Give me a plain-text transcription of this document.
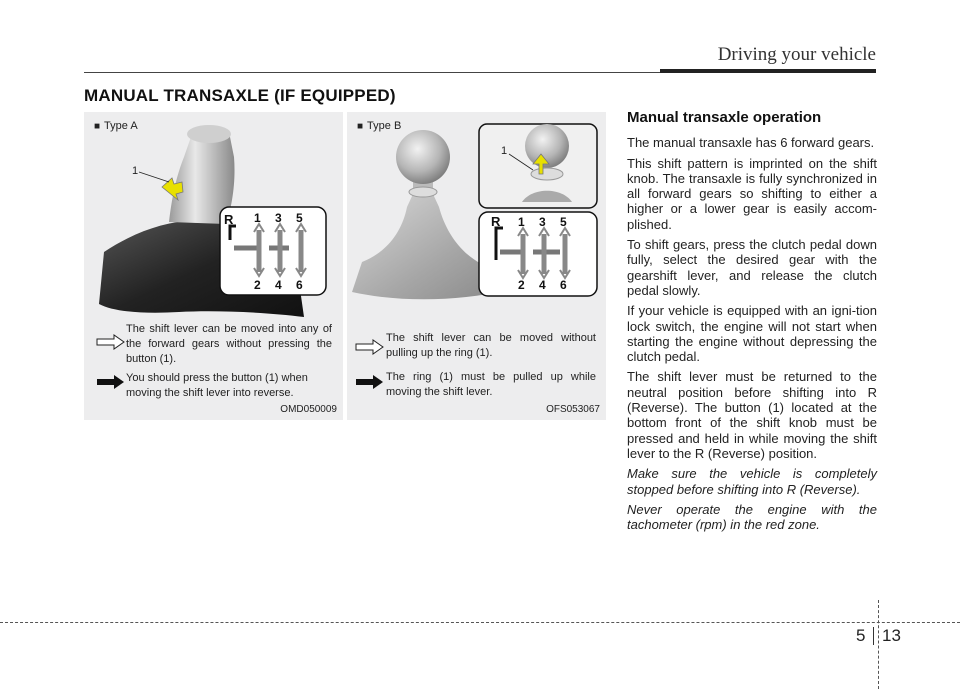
Driving your vehicle
MANUAL TRANSAXLE (IF EQUIPPED)
■ Type A
1
R 1 3 5
2 4 6
The shift lever can be moved into any of the forward gears without pressing the button (1).
You should press the button (1) when moving the shift lever into reverse.
OMD050009
■ Type B
1
R 1 3 5
2 4 6
The shift lever can be moved without pulling up the ring (1).
The ring (1) must be pulled up while moving the shift lever.
OFS053067
Manual transaxle operation

The manual transaxle has 6 forward gears.

This shift pattern is imprinted on the shift knob. The transaxle is fully synchronized in all forward gears so shifting to either a higher or a lower gear is easily accom-plished.

To shift gears, press the clutch pedal down fully, select the desired gear with the gearshift lever, and release the clutch pedal slowly.

If your vehicle is equipped with an igni-tion lock switch, the engine will not start when starting the engine without depressing the clutch pedal.

The shift lever must be returned to the neutral position before shifting into R (Reverse). The button (1) located at the bottom front of the shift knob must be pressed and held in while moving the shift lever to the R (Reverse) position.

Make sure the vehicle is completely stopped before shifting into R (Reverse).

Never operate the engine with the tachometer (rpm) in the red zone.

5 13
